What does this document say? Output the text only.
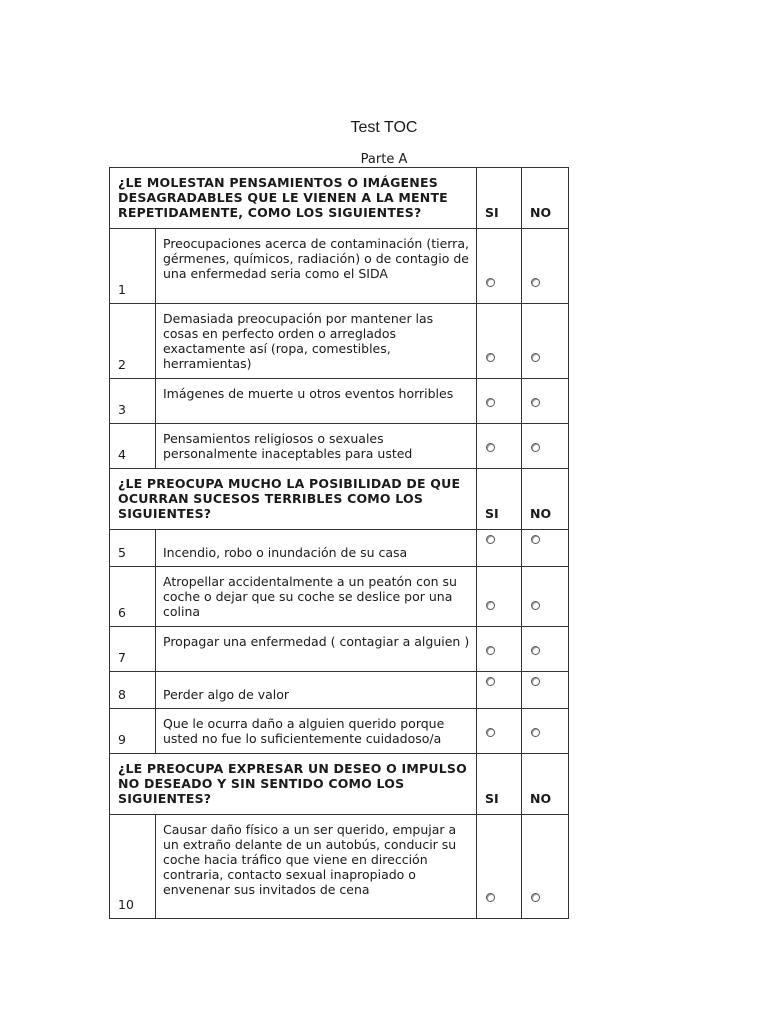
Test TOC
Parte A
¿LE MOLESTAN PENSAMIENTOS O IMÁGENES DESAGRADABLES QUE LE VIENEN A LA MENTE REPETIDAMENTE, COMO LOS SIGUIENTES?		SI	NO
1	Preocupaciones acerca de contaminación (tierra, gérmenes, químicos, radiación) o de contagio de una enfermedad seria como el SIDA		
2	Demasiada preocupación por mantener las cosas en perfecto orden o arreglados exactamente así (ropa, comestibles, herramientas)		
3	Imágenes de muerte u otros eventos horribles		
4	Pensamientos religiosos o sexuales personalmente inaceptables para usted		
¿LE PREOCUPA MUCHO LA POSIBILIDAD DE QUE OCURRAN SUCESOS TERRIBLES COMO LOS SIGUIENTES?		SI	NO
5	Incendio, robo o inundación de su casa		
6	Atropellar accidentalmente a un peatón con su coche o dejar que su coche se deslice por una colina		
7	Propagar una enfermedad ( contagiar a alguien )		
8	Perder algo de valor		
9	Que le ocurra daño a alguien querido porque usted no fue lo suficientemente cuidadoso/a		
¿LE PREOCUPA EXPRESAR UN DESEO O IMPULSO NO DESEADO Y SIN SENTIDO COMO LOS SIGUIENTES?		SI	NO
10	Causar daño físico a un ser querido, empujar a un extraño delante de un autobús, conducir su coche hacia tráfico que viene en dirección contraria, contacto sexual inapropiado o envenenar sus invitados de cena		
